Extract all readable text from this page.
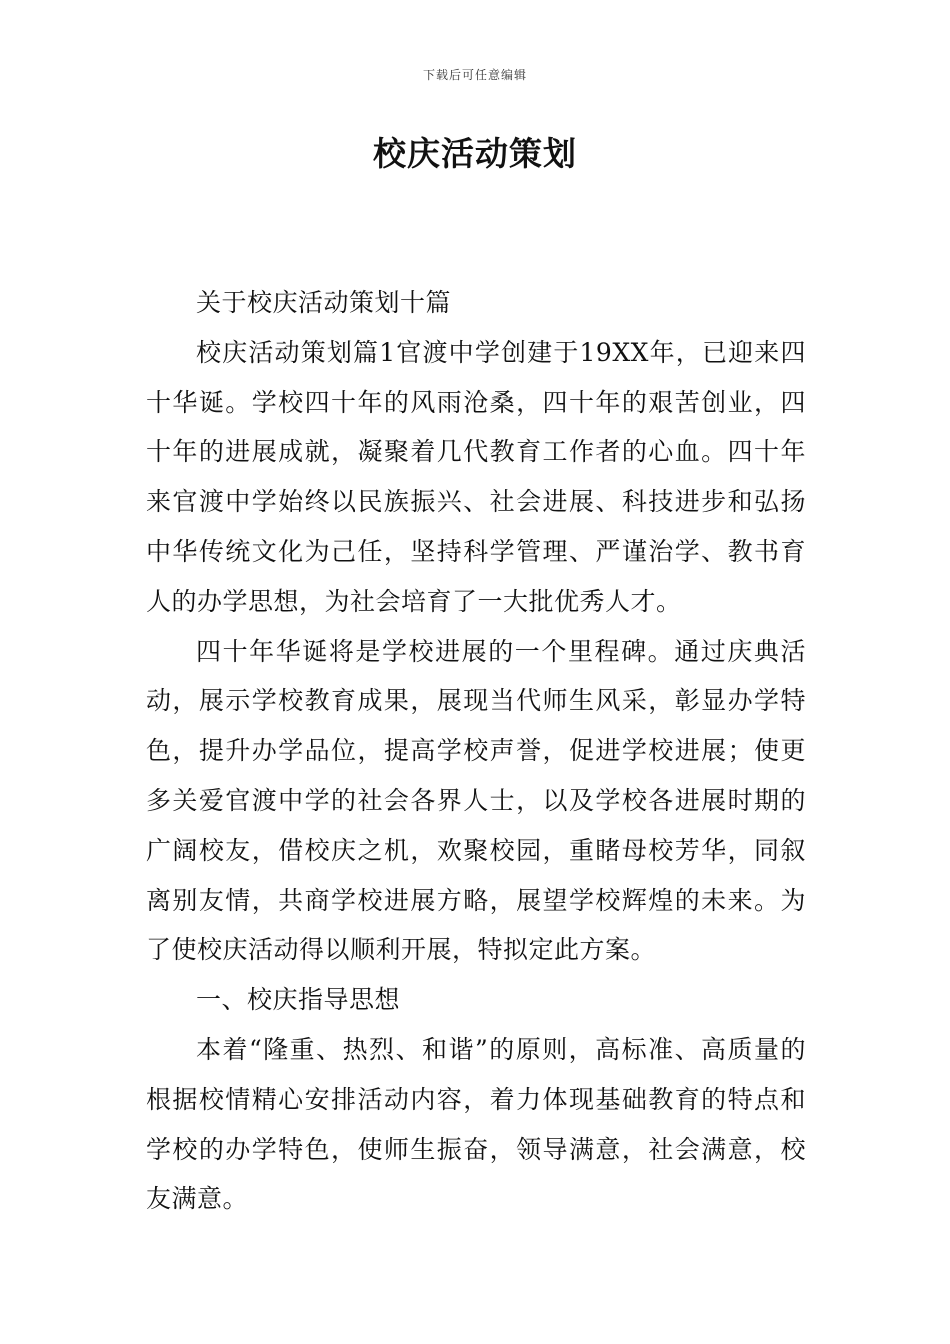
下载后可任意编辑
校庆活动策划

关于校庆活动策划十篇

校庆活动策划篇1官渡中学创建于19XX年，已迎来四十华诞。学校四十年的风雨沧桑，四十年的艰苦创业，四十年的进展成就，凝聚着几代教育工作者的心血。四十年来官渡中学始终以民族振兴、社会进展、科技进步和弘扬中华传统文化为己任，坚持科学管理、严谨治学、教书育人的办学思想，为社会培育了一大批优秀人才。

四十年华诞将是学校进展的一个里程碑。通过庆典活动，展示学校教育成果，展现当代师生风采，彰显办学特色，提升办学品位，提高学校声誉，促进学校进展；使更多关爱官渡中学的社会各界人士，以及学校各进展时期的广阔校友，借校庆之机，欢聚校园，重睹母校芳华，同叙离别友情，共商学校进展方略，展望学校辉煌的未来。为了使校庆活动得以顺利开展，特拟定此方案。

一、校庆指导思想

本着“隆重、热烈、和谐”的原则，高标准、高质量的根据校情精心安排活动内容，着力体现基础教育的特点和学校的办学特色，使师生振奋，领导满意，社会满意，校友满意。
